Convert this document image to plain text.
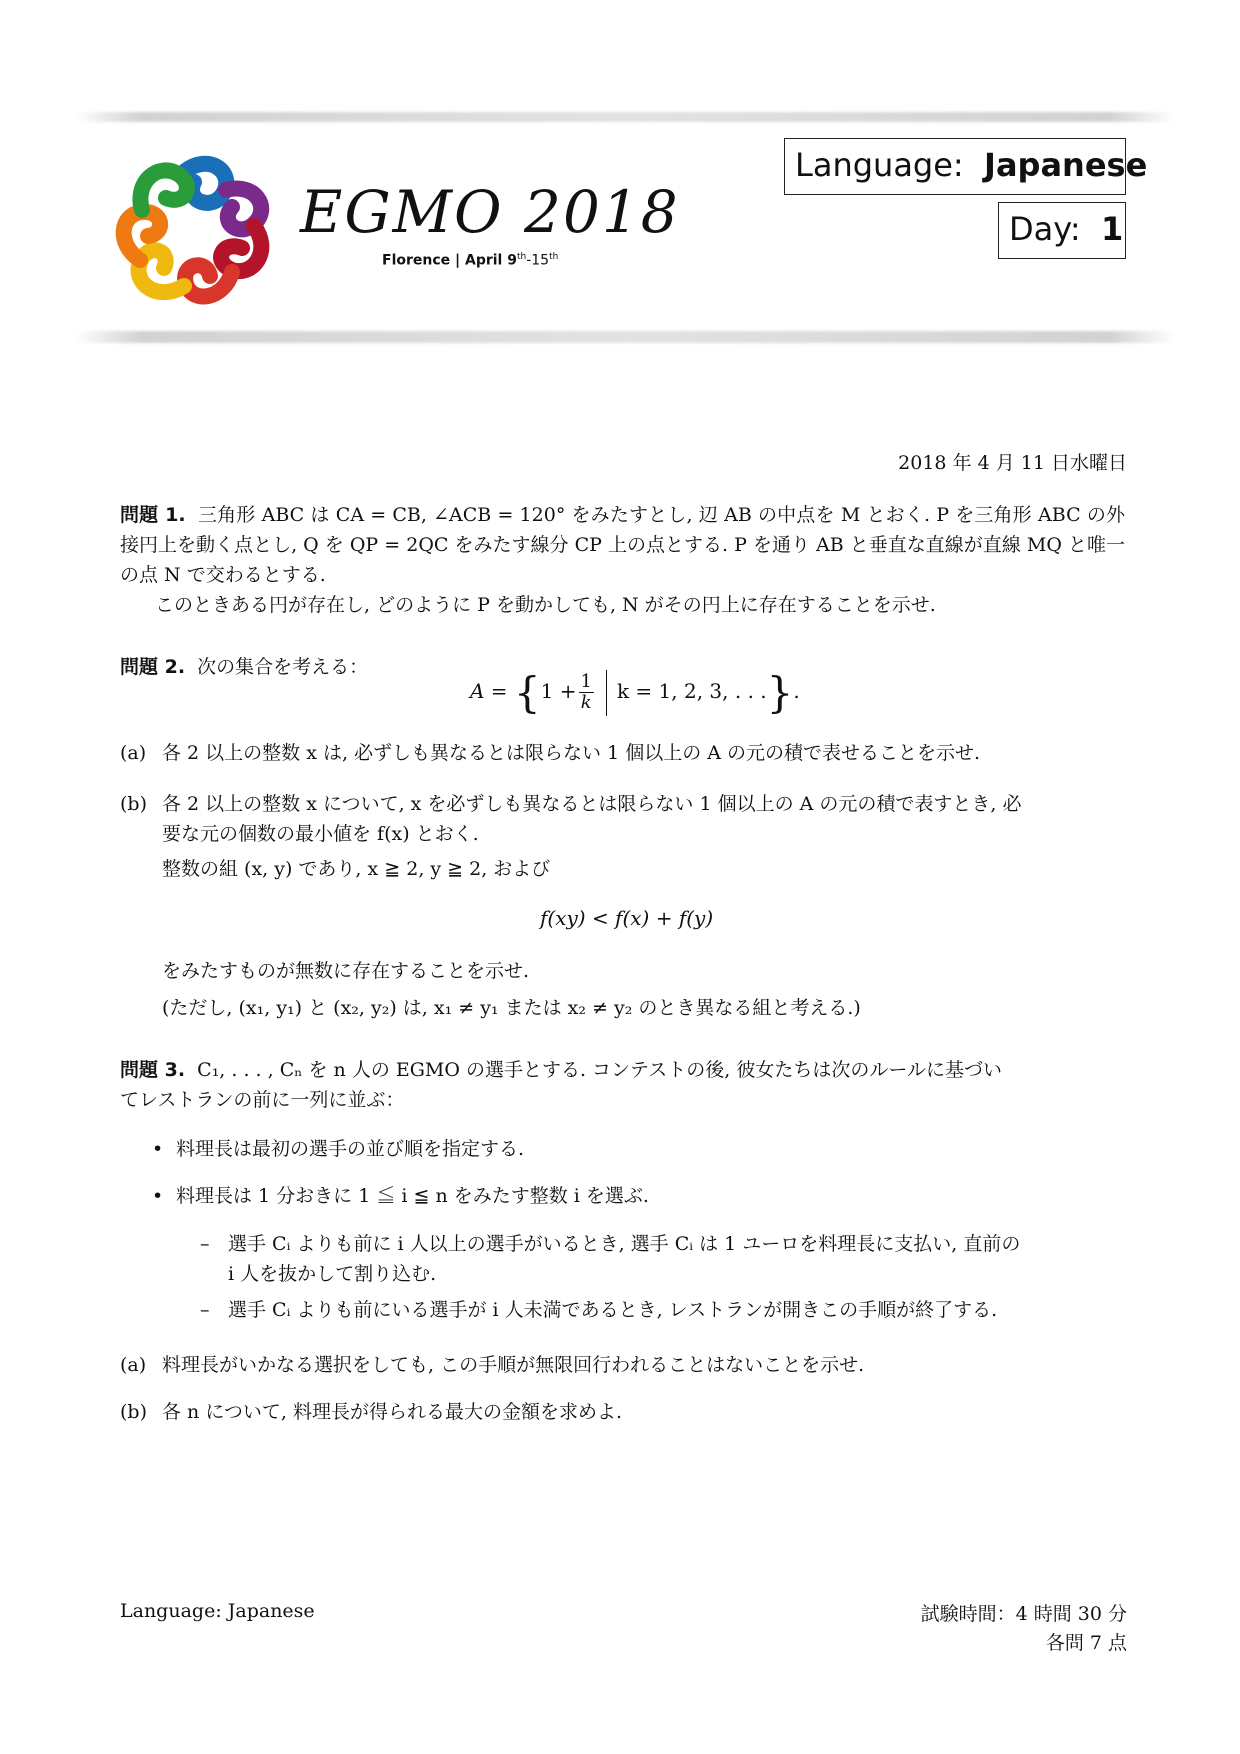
EGMO 2018
Florence | April 9th-15th
Language: Japanese
Day: 1
2018 年 4 月 11 日水曜日
問題 1. 三角形 ABC は CA = CB, ∠ACB = 120° をみたすとし, 辺 AB の中点を M とおく. P を三角形 ABC の外接円上を動く点とし, Q を QP = 2QC をみたす線分 CP 上の点とする. P を通り AB と垂直な直線が直線 MQ と唯一の点 N で交わるとする.
このときある円が存在し, どのように P を動かしても, N がその円上に存在することを示せ.
問題 2. 次の集合を考える：
$A = \{1 + \frac{1}{k}$ k = 1, 2, 3, . . .}.
(a) 各 2 以上の整数 x は, 必ずしも異なるとは限らない 1 個以上の A の元の積で表せることを示せ.
(b) 各 2 以上の整数 x について, x を必ずしも異なるとは限らない 1 個以上の A の元の積で表すとき, 必
要な元の個数の最小値を f(x) とおく.
整数の組 (x, y) であり, x ≧ 2, y ≧ 2, および
f(xy) < f(x) + f(y)
をみたすものが無数に存在することを示せ.
(ただし, (x₁, y₁) と (x₂, y₂) は, x₁ ≠ y₁ または x₂ ≠ y₂ のとき異なる組と考える.)
問題 3. C₁, . . . , Cₙ を n 人の EGMO の選手とする. コンテストの後, 彼女たちは次のルールに基づい
てレストランの前に一列に並ぶ：
料理長は最初の選手の並び順を指定する.
料理長は 1 分おきに 1 ≦ i ≦ n をみたす整数 i を選ぶ.
– 選手 Cᵢ よりも前に i 人以上の選手がいるとき, 選手 Cᵢ は 1 ユーロを料理長に支払い, 直前の
i 人を抜かして割り込む.
– 選手 Cᵢ よりも前にいる選手が i 人未満であるとき, レストランが開きこの手順が終了する.
(a) 料理長がいかなる選択をしても, この手順が無限回行われることはないことを示せ.
(b) 各 n について, 料理長が得られる最大の金額を求めよ.
Language: Japanese	試験時間：4 時間 30 分
各問 7 点
